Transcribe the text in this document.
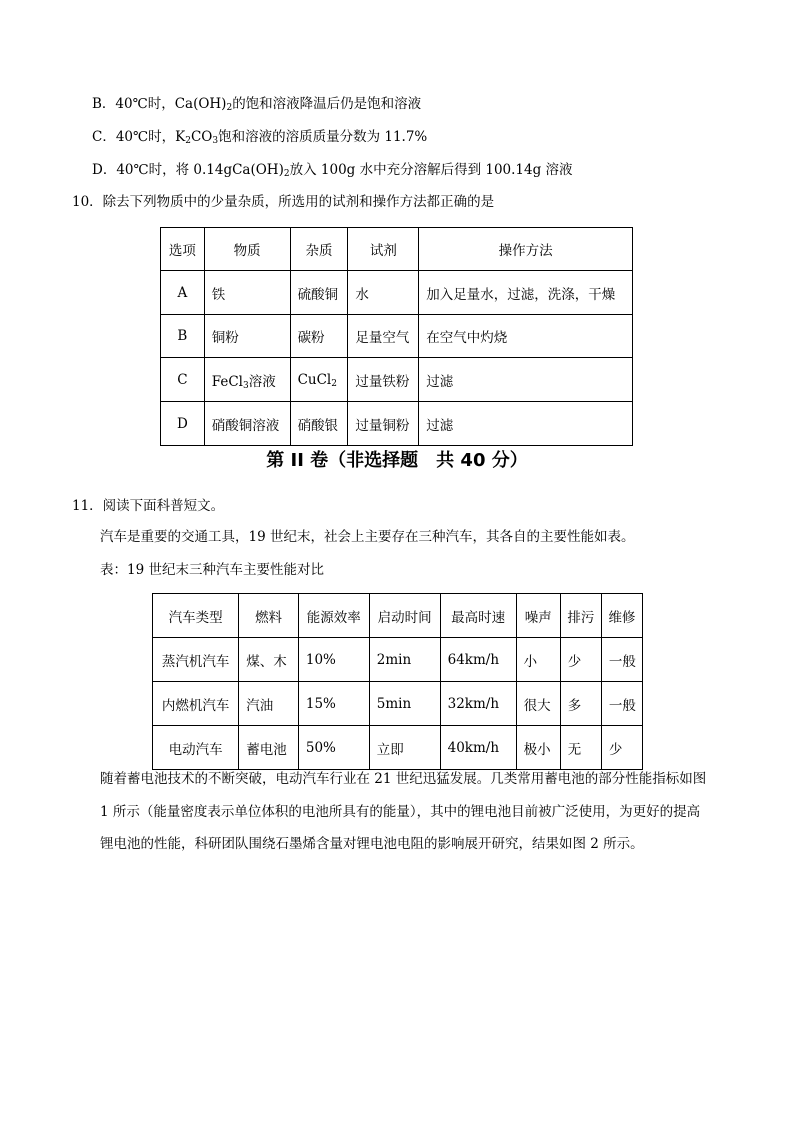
B．40℃时，$Ca(OH)_2$的饱和溶液降温后仍是饱和溶液
C．40℃时，$K_2CO_3$饱和溶液的溶质质量分数为 11.7%
D．40℃时，将 $0.14gCa(OH)_2$放入 100g 水中充分溶解后得到 100.14g 溶液
10．除去下列物质中的少量杂质，所选用的试剂和操作方法都正确的是
选项	物质	杂质	试剂	操作方法
A	铁	硫酸铜	水	加入足量水，过滤，洗涤，干燥
B	铜粉	碳粉	足量空气	在空气中灼烧
C	FeCl$_3$溶液	CuCl$_2$	过量铁粉	过滤
D	硝酸铜溶液	硝酸银	过量铜粉	过滤
第 II 卷（非选择题　共 40 分）
11．阅读下面科普短文。
汽车是重要的交通工具，19 世纪末，社会上主要存在三种汽车，其各自的主要性能如表。
表：19 世纪末三种汽车主要性能对比
汽车类型	燃料	能源效率	启动时间	最高时速	噪声	排污	维修
蒸汽机汽车	煤、木	10%	2min	64km/h	小	少	一般
内燃机汽车	汽油	15%	5min	32km/h	很大	多	一般
电动汽车	蓄电池	50%	立即	40km/h	极小	无	少
随着蓄电池技术的不断突破，电动汽车行业在 21 世纪迅猛发展。几类常用蓄电池的部分性能指标如图
1 所示（能量密度表示单位体积的电池所具有的能量），其中的锂电池目前被广泛使用，为更好的提高
锂电池的性能，科研团队围绕石墨烯含量对锂电池电阻的影响展开研究，结果如图 2 所示。
